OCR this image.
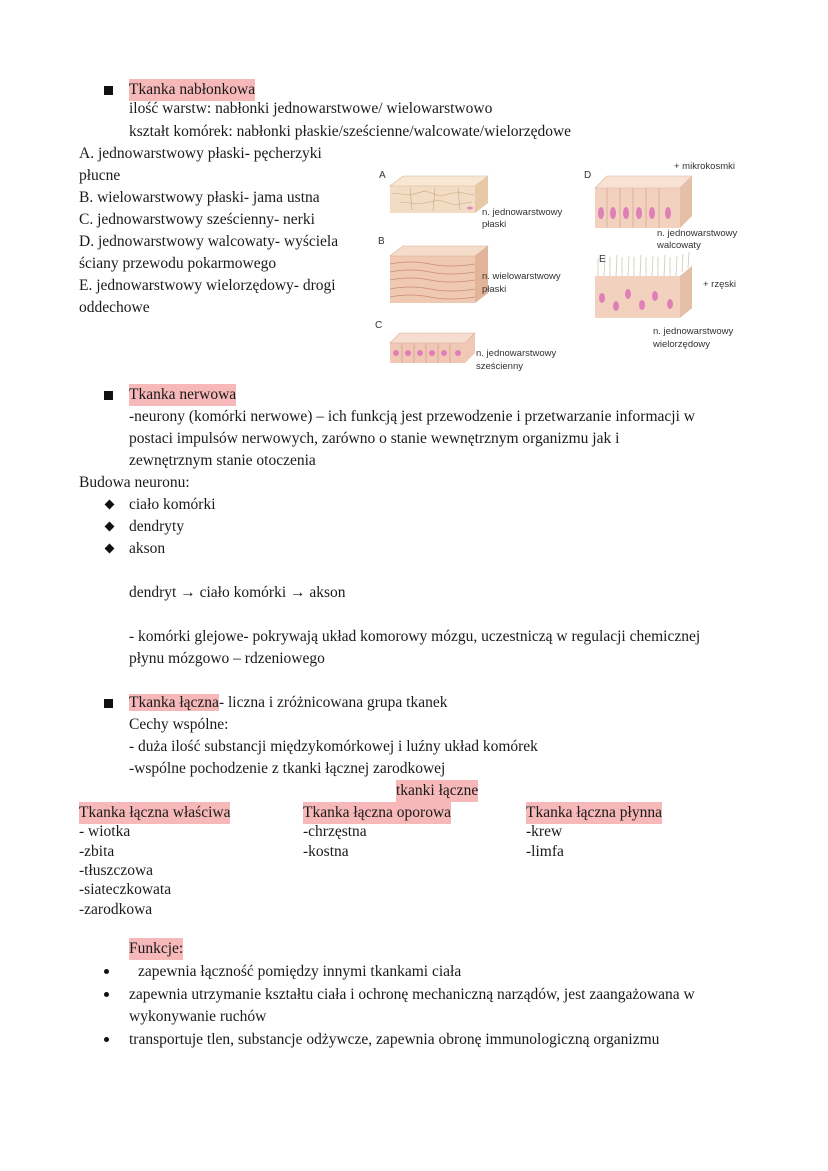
Tkanka nabłonkowa
ilość warstw: nabłonki jednowarstwowe/ wielowarstwowo
kształt komórek: nabłonki płaskie/sześcienne/walcowate/wielorzędowe
A. jednowarstwowy płaski- pęcherzyki
płucne
B. wielowarstwowy płaski- jama ustna
C. jednowarstwowy sześcienny- nerki
D. jednowarstwowy walcowaty- wyściela
ściany przewodu pokarmowego
E. jednowarstwowy wielorzędowy- drogi
oddechowe
A
B
C
D
E
n. jednowarstwowy
płaski
n. wielowarstwowy
płaski
n. jednowarstwowy
sześcienny
+ mikrokosmki
n. jednowarstwowy
walcowaty
+ rzęski
n. jednowarstwowy
wielorzędowy
Tkanka nerwowa
-neurony (komórki nerwowe) – ich funkcją jest przewodzenie i przetwarzanie informacji w
postaci impulsów nerwowych, zarówno o stanie wewnętrznym organizmu jak i
zewnętrznym stanie otoczenia
Budowa neuronu:
ciało komórki
dendryty
akson
dendryt → ciało komórki → akson
- komórki glejowe- pokrywają układ komorowy mózgu, uczestniczą w regulacji chemicznej
płynu mózgowo – rdzeniowego
Tkanka łączna- liczna i zróżnicowana grupa tkanek
Cechy wspólne:
- duża ilość substancji międzykomórkowej i luźny układ komórek
-wspólne pochodzenie z tkanki łącznej zarodkowej
tkanki łączne
Tkanka łączna właściwa
- wiotka
-zbita
-tłuszczowa
-siateczkowata
-zarodkowa
Tkanka łączna oporowa
-chrzęstna
-kostna
Tkanka łączna płynna
-krew
-limfa
Funkcje:
zapewnia łączność pomiędzy innymi tkankami ciała
zapewnia utrzymanie kształtu ciała i ochronę mechaniczną narządów, jest zaangażowana w
wykonywanie ruchów
transportuje tlen, substancje odżywcze, zapewnia obronę immunologiczną organizmu
